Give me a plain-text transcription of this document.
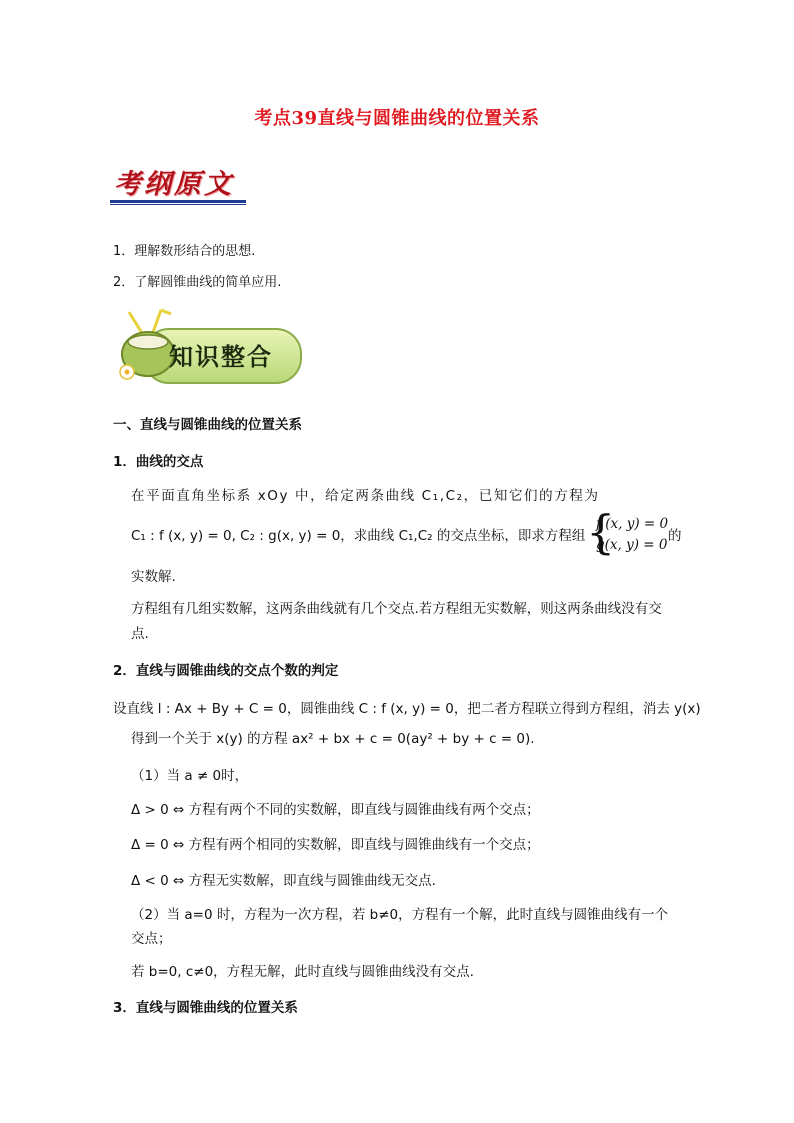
考点39直线与圆锥曲线的位置关系
考纲原文
1．理解数形结合的思想.
2．了解圆锥曲线的简单应用.
知识整合
一、直线与圆锥曲线的位置关系
1．曲线的交点
在平面直角坐标系 xOy 中，给定两条曲线 C₁,C₂，已知它们的方程为
C₁ : f (x, y) = 0, C₂ : g(x, y) = 0，求曲线 C₁,C₂ 的交点坐标，即求方程组 {
f (x, y) = 0
g(x, y) = 0
的
实数解.
方程组有几组实数解，这两条曲线就有几个交点.若方程组无实数解，则这两条曲线没有交
点.
2．直线与圆锥曲线的交点个数的判定
设直线 l : Ax + By + C = 0，圆锥曲线 C : f (x, y) = 0，把二者方程联立得到方程组，消去 y(x)
得到一个关于 x(y) 的方程 ax² + bx + c = 0(ay² + by + c = 0).
（1）当 a ≠ 0时，
Δ > 0 ⇔ 方程有两个不同的实数解，即直线与圆锥曲线有两个交点；
Δ = 0 ⇔ 方程有两个相同的实数解，即直线与圆锥曲线有一个交点；
Δ < 0 ⇔ 方程无实数解，即直线与圆锥曲线无交点.
（2）当 a=0 时，方程为一次方程，若 b≠0，方程有一个解，此时直线与圆锥曲线有一个
交点；
若 b=0, c≠0，方程无解，此时直线与圆锥曲线没有交点.
3．直线与圆锥曲线的位置关系
